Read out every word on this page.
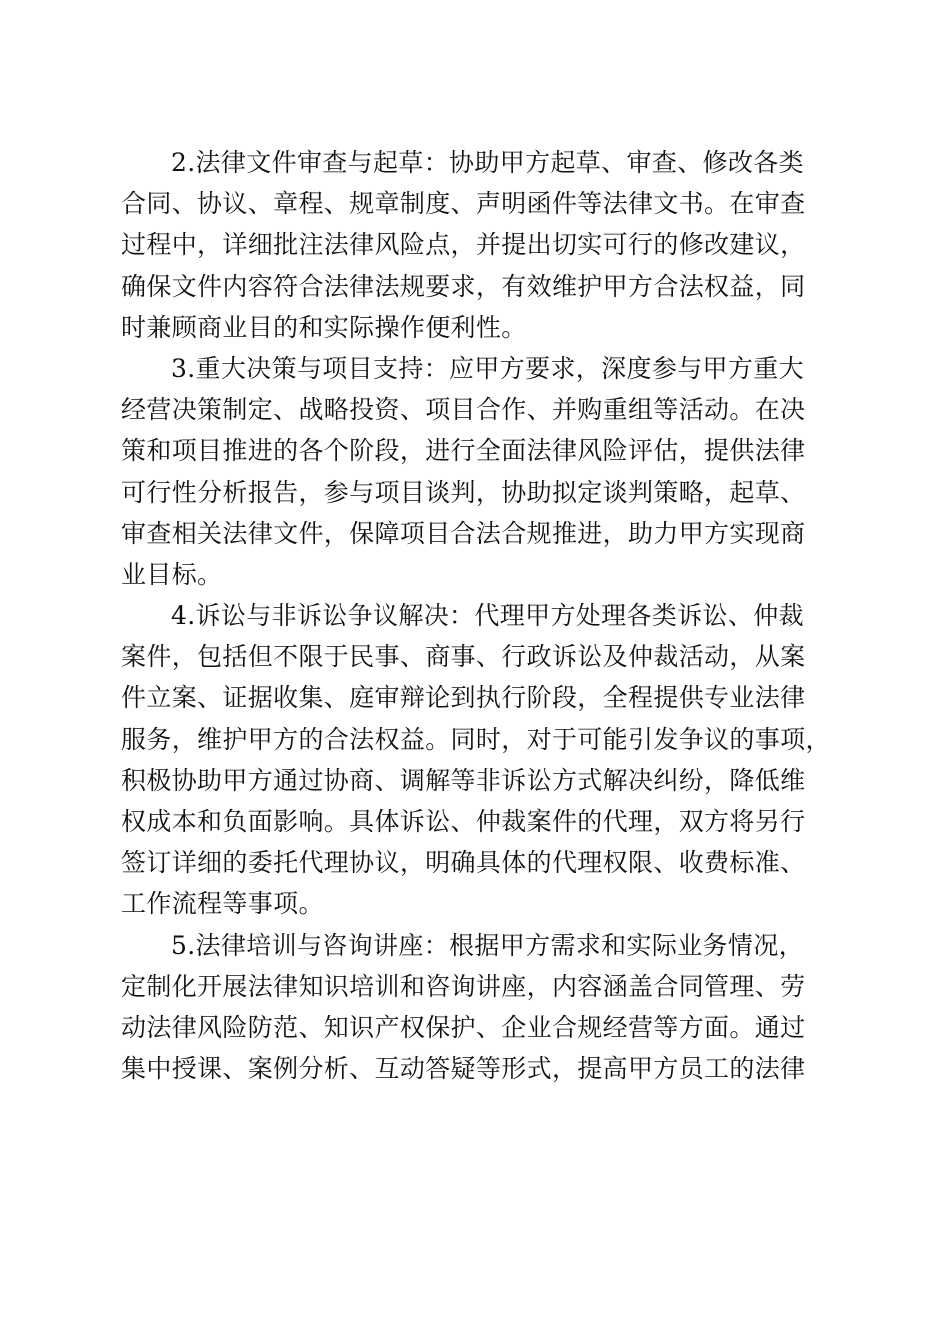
2.法律文件审查与起草：协助甲方起草、审查、修改各类
合同、协议、章程、规章制度、声明函件等法律文书。在审查
过程中，详细批注法律风险点，并提出切实可行的修改建议，
确保文件内容符合法律法规要求，有效维护甲方合法权益，同
时兼顾商业目的和实际操作便利性。
3.重大决策与项目支持：应甲方要求，深度参与甲方重大
经营决策制定、战略投资、项目合作、并购重组等活动。在决
策和项目推进的各个阶段，进行全面法律风险评估，提供法律
可行性分析报告，参与项目谈判，协助拟定谈判策略，起草、
审查相关法律文件，保障项目合法合规推进，助力甲方实现商
业目标。
4.诉讼与非诉讼争议解决：代理甲方处理各类诉讼、仲裁
案件，包括但不限于民事、商事、行政诉讼及仲裁活动，从案
件立案、证据收集、庭审辩论到执行阶段，全程提供专业法律
服务，维护甲方的合法权益。同时，对于可能引发争议的事项，
积极协助甲方通过协商、调解等非诉讼方式解决纠纷，降低维
权成本和负面影响。具体诉讼、仲裁案件的代理，双方将另行
签订详细的委托代理协议，明确具体的代理权限、收费标准、
工作流程等事项。
5.法律培训与咨询讲座：根据甲方需求和实际业务情况，
定制化开展法律知识培训和咨询讲座，内容涵盖合同管理、劳
动法律风险防范、知识产权保护、企业合规经营等方面。通过
集中授课、案例分析、互动答疑等形式，提高甲方员工的法律
